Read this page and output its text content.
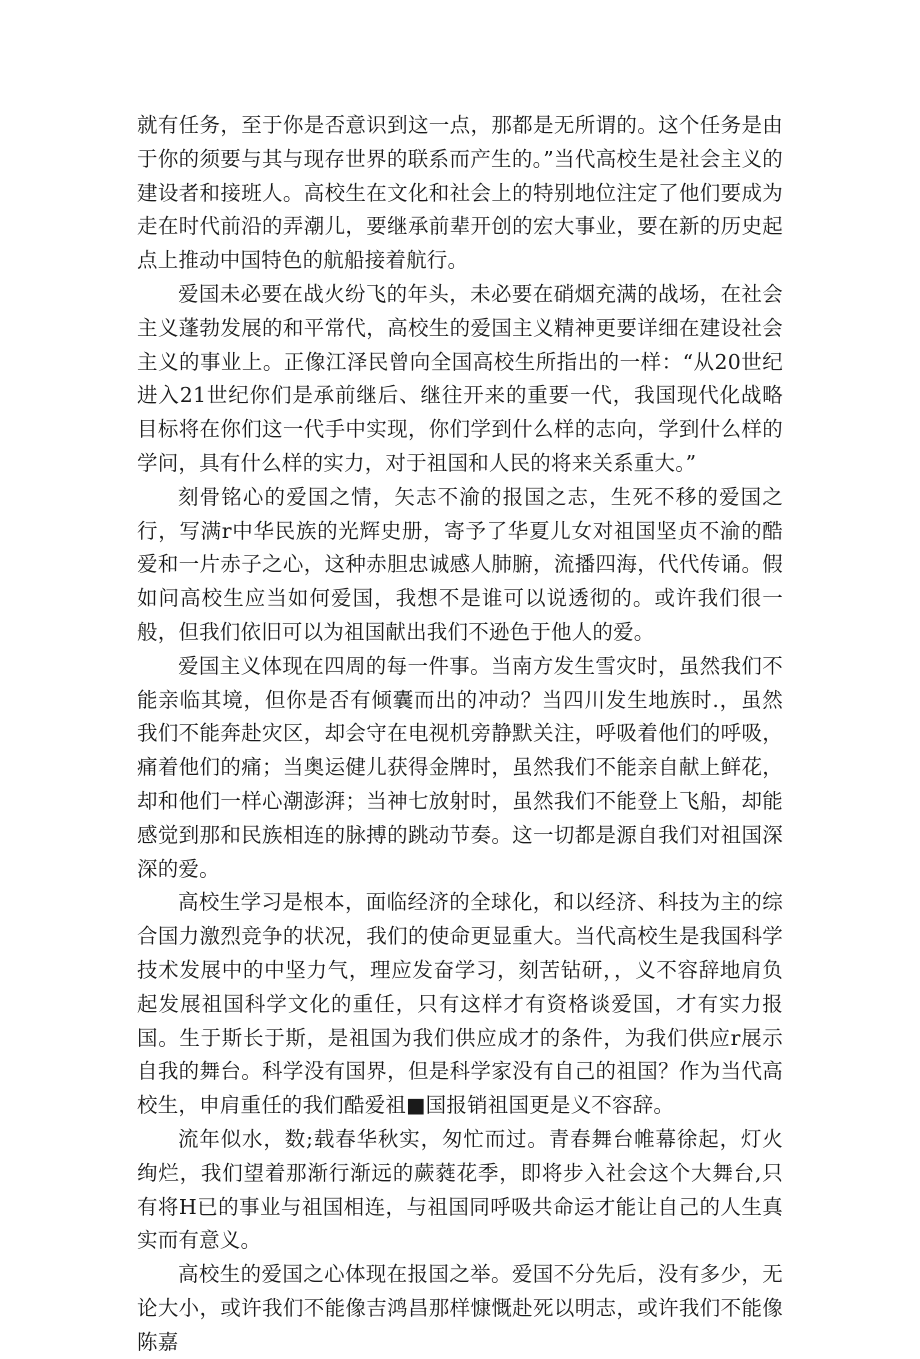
就有任务，至于你是否意识到这一点，那都是无所谓的。这个任务是由于你的须要与其与现存世界的联系而产生的。”当代高校生是社会主义的建设者和接班人。高校生在文化和社会上的特别地位注定了他们要成为走在时代前沿的弄潮儿，要继承前辈开创的宏大事业，要在新的历史起点上推动中国特色的航船接着航行。

爱国未必要在战火纷飞的年头，未必要在硝烟充满的战场，在社会主义蓬勃发展的和平常代，高校生的爱国主义精神更要详细在建设社会主义的事业上。正像江泽民曾向全国高校生所指出的一样：“从20世纪进入21世纪你们是承前继后、继往开来的重要一代，我国现代化战略目标将在你们这一代手中实现，你们学到什么样的志向，学到什么样的学问，具有什么样的实力，对于祖国和人民的将来关系重大。”

刻骨铭心的爱国之情，矢志不渝的报国之志，生死不移的爱国之行，写满r中华民族的光辉史册，寄予了华夏儿女对祖国坚贞不渝的酷爱和一片赤子之心，这种赤胆忠诚感人肺腑，流播四海，代代传诵。假如问高校生应当如何爱国，我想不是谁可以说透彻的。或许我们很一般，但我们依旧可以为祖国献出我们不逊色于他人的爱。

爱国主义体现在四周的每一件事。当南方发生雪灾时，虽然我们不能亲临其境，但你是否有倾囊而出的冲动？当四川发生地族时.，虽然我们不能奔赴灾区，却会守在电视机旁静默关注，呼吸着他们的呼吸，痛着他们的痛；当奥运健儿获得金牌时，虽然我们不能亲自献上鲜花，却和他们一样心潮澎湃；当神七放射时，虽然我们不能登上飞船，却能感觉到那和民族相连的脉搏的跳动节奏。这一切都是源自我们对祖国深深的爱。

高校生学习是根本，面临经济的全球化，和以经济、科技为主的综合国力激烈竞争的状况，我们的使命更显重大。当代高校生是我国科学技术发展中的中坚力气，理应发奋学习，刻苦钻研，，义不容辞地肩负起发展祖国科学文化的重任，只有这样才有资格谈爱国，才有实力报国。生于斯长于斯，是祖国为我们供应成才的条件，为我们供应r展示自我的舞台。科学没有国界，但是科学家没有自己的祖国？作为当代高校生，申肩重任的我们酷爱祖■国报销祖国更是义不容辞。

流年似水，数;载春华秋实，匆忙而过。青春舞台帷幕徐起，灯火绚烂，我们望着那渐行渐远的蕨蕤花季，即将步入社会这个大舞台,只有将H已的事业与祖国相连，与祖国同呼吸共命运才能让自己的人生真实而有意义。

高校生的爱国之心体现在报国之举。爱国不分先后，没有多少，无论大小，或许我们不能像吉鸿昌那样慷慨赴死以明志，或许我们不能像陈嘉
